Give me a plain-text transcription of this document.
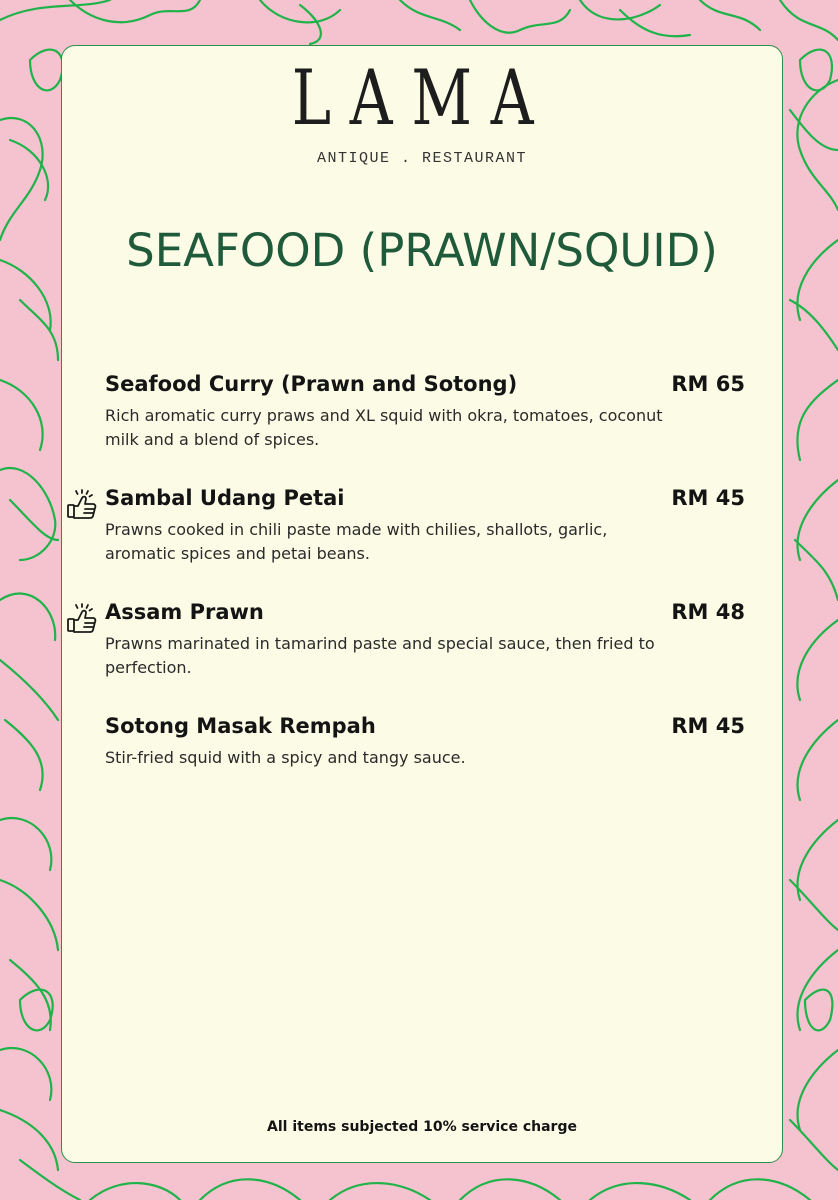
LAMA
ANTIQUE . RESTAURANT
SEAFOOD (PRAWN/SQUID)
Seafood Curry (Prawn and Sotong)	RM 65
Rich aromatic curry praws and XL squid with okra, tomatoes, coconut milk and a blend of spices.
Sambal Udang Petai	RM 45
Prawns cooked in chili paste made with chilies, shallots, garlic, aromatic spices and petai beans.
Assam Prawn	RM 48
Prawns marinated in tamarind paste and special sauce, then fried to perfection.
Sotong Masak Rempah	RM 45
Stir-fried squid with a spicy and tangy sauce.
All items subjected 10% service charge
